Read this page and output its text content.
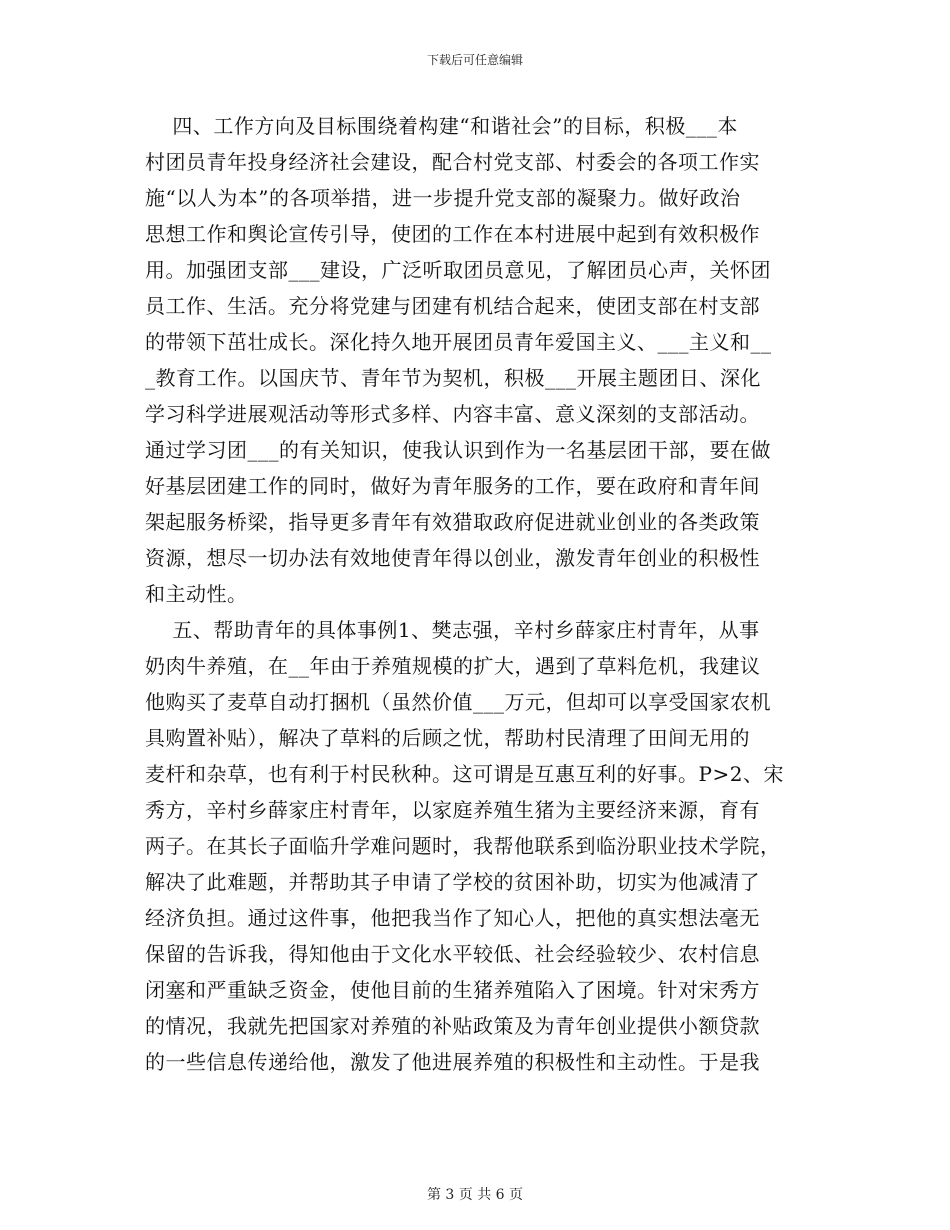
下载后可任意编辑
四、工作方向及目标围绕着构建“和谐社会”的目标，积极___本
村团员青年投身经济社会建设，配合村党支部、村委会的各项工作实
施“以人为本”的各项举措，进一步提升党支部的凝聚力。做好政治
思想工作和舆论宣传引导，使团的工作在本村进展中起到有效积极作
用。加强团支部___建设，广泛听取团员意见，了解团员心声，关怀团
员工作、生活。充分将党建与团建有机结合起来，使团支部在村支部
的带领下茁壮成长。深化持久地开展团员青年爱国主义、___主义和__
_教育工作。以国庆节、青年节为契机，积极___开展主题团日、深化
学习科学进展观活动等形式多样、内容丰富、意义深刻的支部活动。
通过学习团___的有关知识，使我认识到作为一名基层团干部，要在做
好基层团建工作的同时，做好为青年服务的工作，要在政府和青年间
架起服务桥梁，指导更多青年有效猎取政府促进就业创业的各类政策
资源，想尽一切办法有效地使青年得以创业，激发青年创业的积极性
和主动性。
五、帮助青年的具体事例1、樊志强，辛村乡薛家庄村青年，从事
奶肉牛养殖，在__年由于养殖规模的扩大，遇到了草料危机，我建议
他购买了麦草自动打捆机（虽然价值___万元，但却可以享受国家农机
具购置补贴），解决了草料的后顾之忧，帮助村民清理了田间无用的
麦杆和杂草，也有利于村民秋种。这可谓是互惠互利的好事。P>2、宋
秀方，辛村乡薛家庄村青年，以家庭养殖生猪为主要经济来源，育有
两子。在其长子面临升学难问题时，我帮他联系到临汾职业技术学院，
解决了此难题，并帮助其子申请了学校的贫困补助，切实为他减清了
经济负担。通过这件事，他把我当作了知心人，把他的真实想法毫无
保留的告诉我，得知他由于文化水平较低、社会经验较少、农村信息
闭塞和严重缺乏资金，使他目前的生猪养殖陷入了困境。针对宋秀方
的情况，我就先把国家对养殖的补贴政策及为青年创业提供小额贷款
的一些信息传递给他，激发了他进展养殖的积极性和主动性。于是我
第 3 页 共 6 页
